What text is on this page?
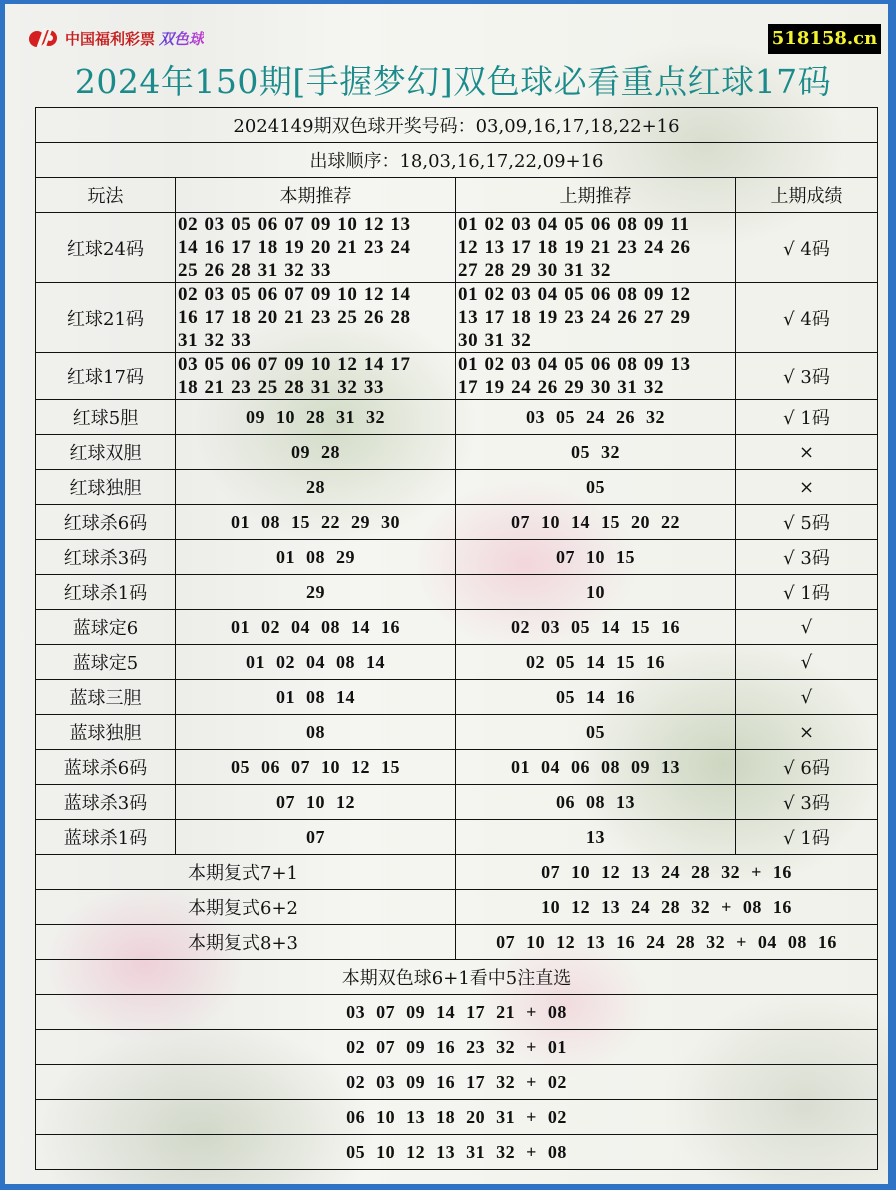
中国福利彩票 双色球	518158.cn
2024年150期[手握梦幻]双色球必看重点红球17码
2024149期双色球开奖号码：03,09,16,17,18,22+16			
出球顺序：18,03,16,17,22,09+16			
玩法	本期推荐	上期推荐	上期成绩
红球24码	02 03 05 06 07 09 10 12 13
14 16 17 18 19 20 21 23 24
25 26 28 31 32 33	01 02 03 04 05 06 08 09 11
12 13 17 18 19 21 23 24 26
27 28 29 30 31 32	√ 4码
红球21码	02 03 05 06 07 09 10 12 14
16 17 18 20 21 23 25 26 28
31 32 33	01 02 03 04 05 06 08 09 12
13 17 18 19 23 24 26 27 29
30 31 32	√ 4码
红球17码	03 05 06 07 09 10 12 14 17
18 21 23 25 28 31 32 33	01 02 03 04 05 06 08 09 13
17 19 24 26 29 30 31 32	√ 3码
红球5胆	09 10 28 31 32	03 05 24 26 32	√ 1码
红球双胆	09 28	05 32	×
红球独胆	28	05	×
红球杀6码	01 08 15 22 29 30	07 10 14 15 20 22	√ 5码
红球杀3码	01 08 29	07 10 15	√ 3码
红球杀1码	29	10	√ 1码
蓝球定6	01 02 04 08 14 16	02 03 05 14 15 16	√
蓝球定5	01 02 04 08 14	02 05 14 15 16	√
蓝球三胆	01 08 14	05 14 16	√
蓝球独胆	08	05	×
蓝球杀6码	05 06 07 10 12 15	01 04 06 08 09 13	√ 6码
蓝球杀3码	07 10 12	06 08 13	√ 3码
蓝球杀1码	07	13	√ 1码
本期复式7+1		07 10 12 13 24 28 32 + 16	
本期复式6+2		10 12 13 24 28 32 + 08 16	
本期复式8+3		07 10 12 13 16 24 28 32 + 04 08 16	
本期双色球6+1看中5注直选			
03 07 09 14 17 21 + 08			
02 07 09 16 23 32 + 01			
02 03 09 16 17 32 + 02			
06 10 13 18 20 31 + 02			
05 10 12 13 31 32 + 08			
